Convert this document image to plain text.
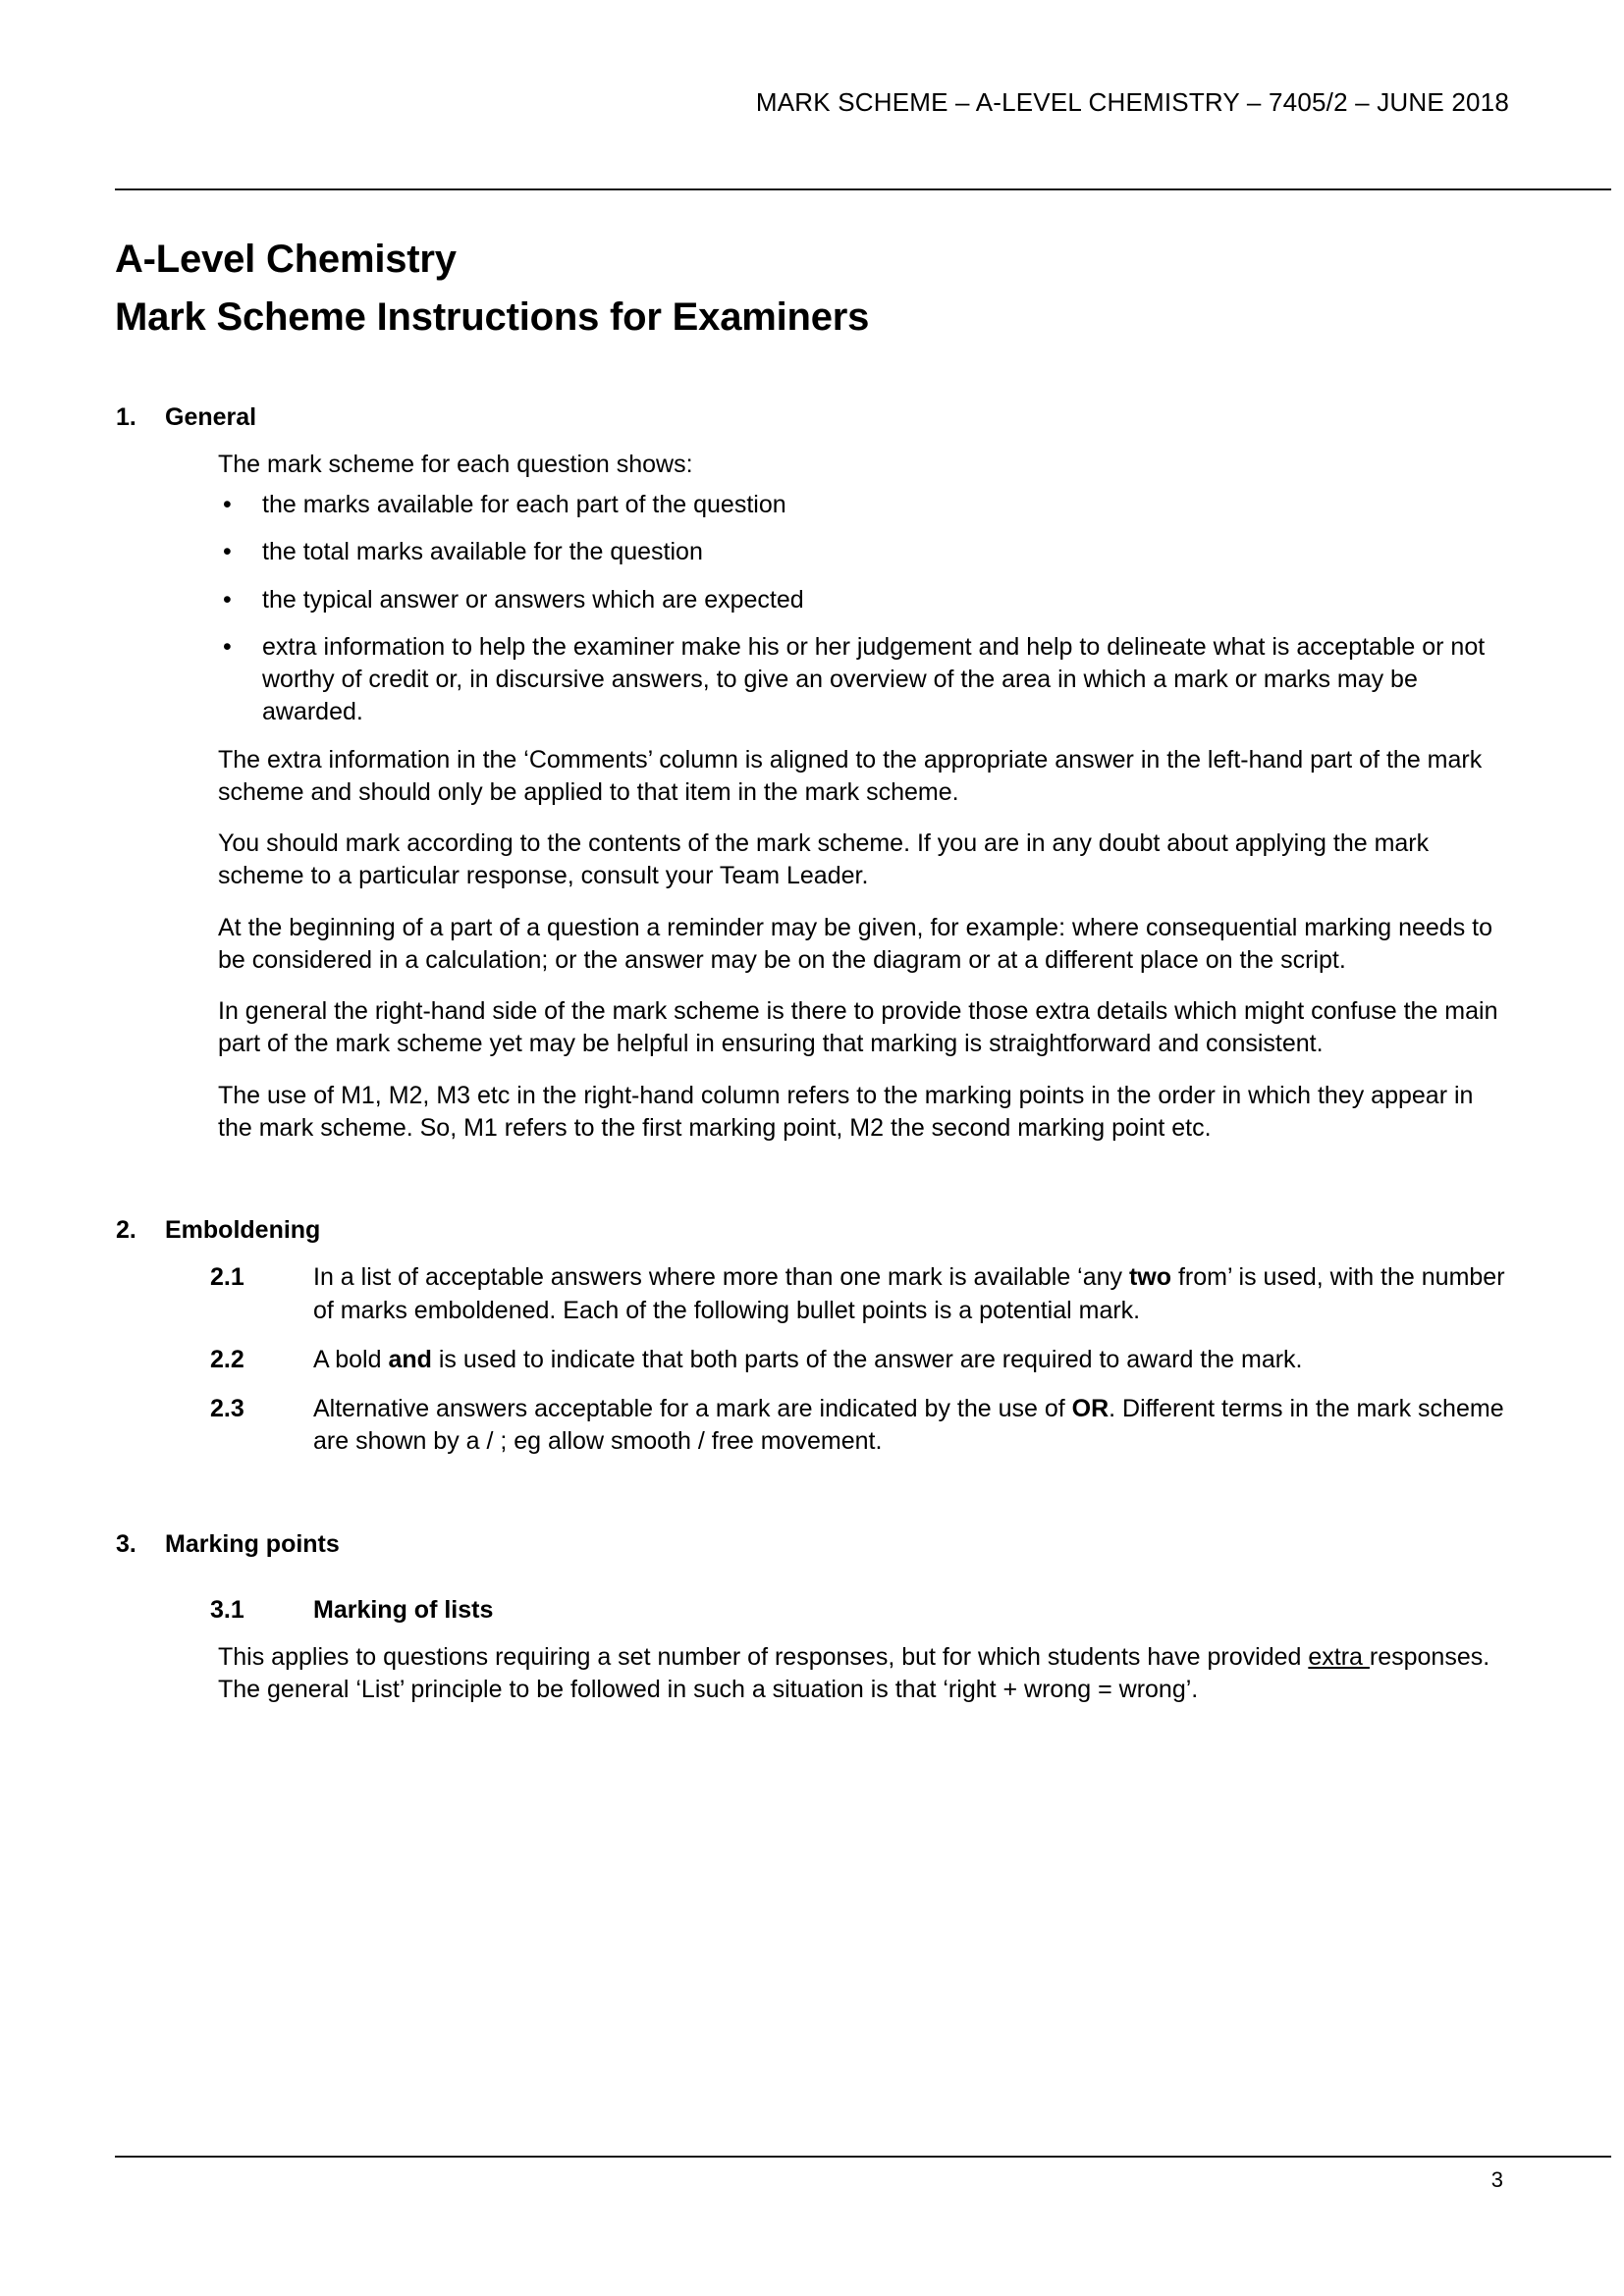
MARK SCHEME – A-LEVEL CHEMISTRY – 7405/2 – JUNE 2018
A-Level Chemistry
Mark Scheme Instructions for Examiners
1.	General
The mark scheme for each question shows:
• the marks available for each part of the question
• the total marks available for the question
• the typical answer or answers which are expected
• extra information to help the examiner make his or her judgement and help to delineate what is acceptable or not worthy of credit or, in discursive answers, to give an overview of the area in which a mark or marks may be awarded.
The extra information in the ‘Comments’ column is aligned to the appropriate answer in the left-hand part of the mark scheme and should only be applied to that item in the mark scheme.
You should mark according to the contents of the mark scheme. If you are in any doubt about applying the mark scheme to a particular response, consult your Team Leader.
At the beginning of a part of a question a reminder may be given, for example: where consequential marking needs to be considered in a calculation; or the answer may be on the diagram or at a different place on the script.
In general the right-hand side of the mark scheme is there to provide those extra details which might confuse the main part of the mark scheme yet may be helpful in ensuring that marking is straightforward and consistent.
The use of M1, M2, M3 etc in the right-hand column refers to the marking points in the order in which they appear in the mark scheme. So, M1 refers to the first marking point, M2 the second marking point etc.
2.	Emboldening
2.1	In a list of acceptable answers where more than one mark is available ‘any two from’ is used, with the number of marks emboldened. Each of the following bullet points is a potential mark.
2.2	A bold and is used to indicate that both parts of the answer are required to award the mark.
2.3	Alternative answers acceptable for a mark are indicated by the use of OR. Different terms in the mark scheme are shown by a / ; eg allow smooth / free movement.
3.	Marking points
3.1	Marking of lists
This applies to questions requiring a set number of responses, but for which students have provided extra responses. The general ‘List’ principle to be followed in such a situation is that ‘right + wrong = wrong’.
3
